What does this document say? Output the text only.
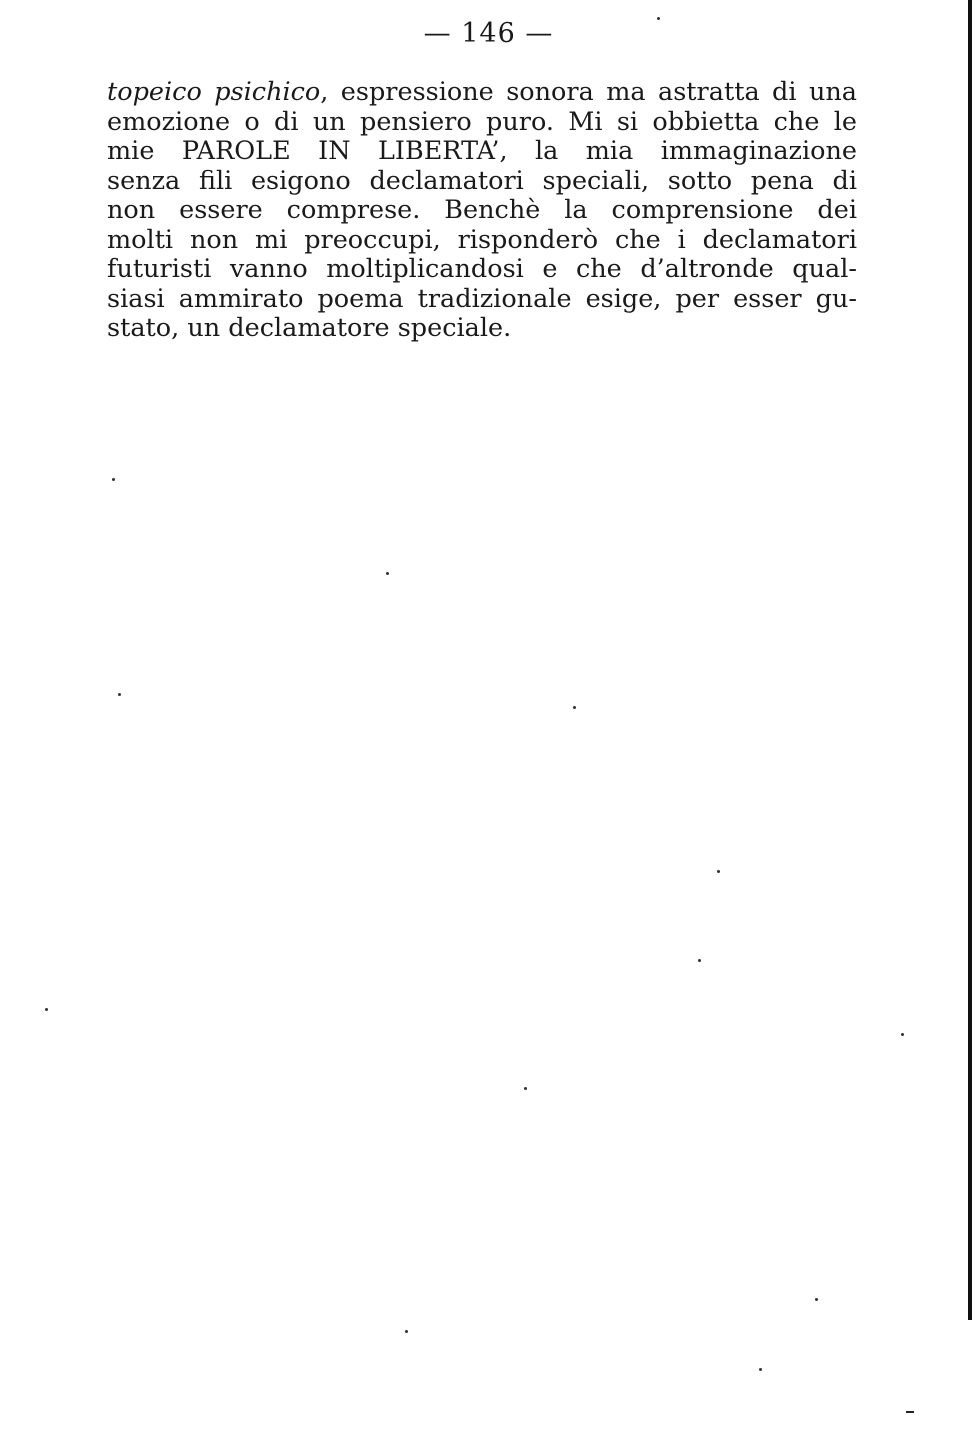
— 146 —
topeico psichico, espressione sonora ma astratta di una
emozione o di un pensiero puro. Mi si obbietta che le
mie PAROLE IN LIBERTA’, la mia immaginazione
senza fili esigono declamatori speciali, sotto pena di
non essere comprese. Benchè la comprensione dei
molti non mi preoccupi, risponderò che i declamatori
futuristi vanno moltiplicandosi e che d’altronde qual-
siasi ammirato poema tradizionale esige, per esser gu-
stato, un declamatore speciale.
